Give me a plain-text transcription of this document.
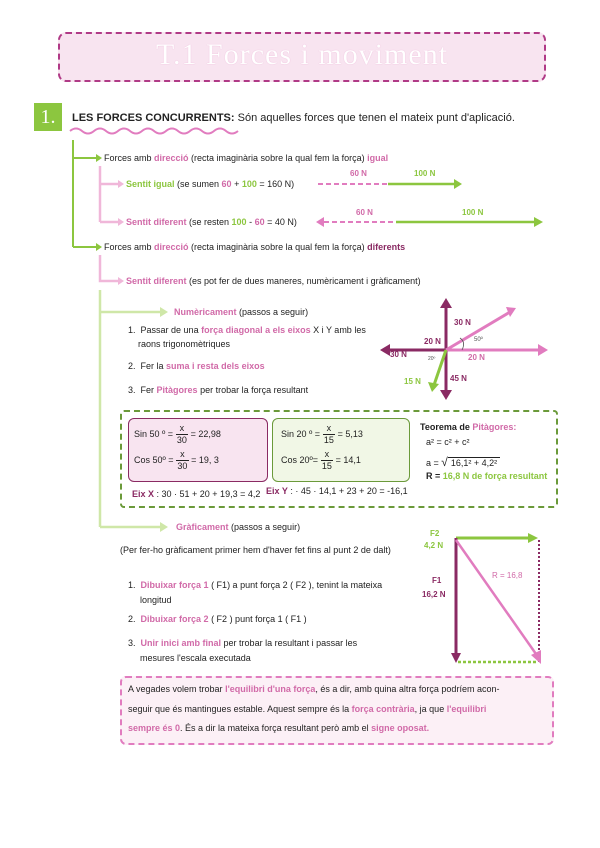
T.1 Forces i moviment
1.	LES FORCES CONCURRENTS: Són aquelles forces que tenen el mateix punt d'aplicació.
Forces amb direcció (recta imaginària sobre la qual fem la força) igual
Sentit igual (se sumen 60 + 100 = 160 N)
60 N	100 N
Sentit diferent (se resten 100 - 60 = 40 N)
60 N	100 N
Forces amb direcció (recta imaginària sobre la qual fem la força) diferents
Sentit diferent (es pot fer de dues maneres, numèricament i gràficament)
Numèricament (passos a seguir)
1. Passar de una força diagonal a els eixos X i Y amb les
raons trigonomètriques
2. Fer la suma i resta dels eixos
3. Fer Pitàgores per trobar la força resultant
30 N
50º
20 N
20 N
30 N	20º
15 N	45 N
Sin 50 º = $\frac{x}{30} = 22,98$
Cos 50º = $\frac{x}{30} = 19$, 3
Sin 20 º = $\frac{x}{15} = 5,13$
Cos 20º= $\frac{x}{15} = 14,1$
Eix X : 30 · 51 + 20 + 19,3 = 4,2 Eix Y : · 45 · 14,1 + 23 + 20 = -16,1
Teorema de Pitàgores:
a² = c² + c²
a = √ 16,1² + 4,2²
R = 16,8 N de força resultant
Gràficament (passos a seguir)
(Per fer-ho gràficament primer hem d'haver fet fins al punt 2 de dalt)
1. Dibuixar força 1 ( F1) a punt força 2 ( F2 ), tenint la mateixa
longitud
2. Dibuixar força 2 ( F2 ) punt força 1 ( F1 )
3. Unir inici amb final per trobar la resultant i passar les
mesures l'escala executada
F2
4,2 N
F1
16,2 N
R = 16,8
A vegades volem trobar l'equilibri d'una força, és a dir, amb quina altra força podríem acon-
seguir que és mantingues estable. Aquest sempre és la força contrària, ja que l'equilibri
sempre és 0. És a dir la mateixa força resultant però amb el signe oposat.
